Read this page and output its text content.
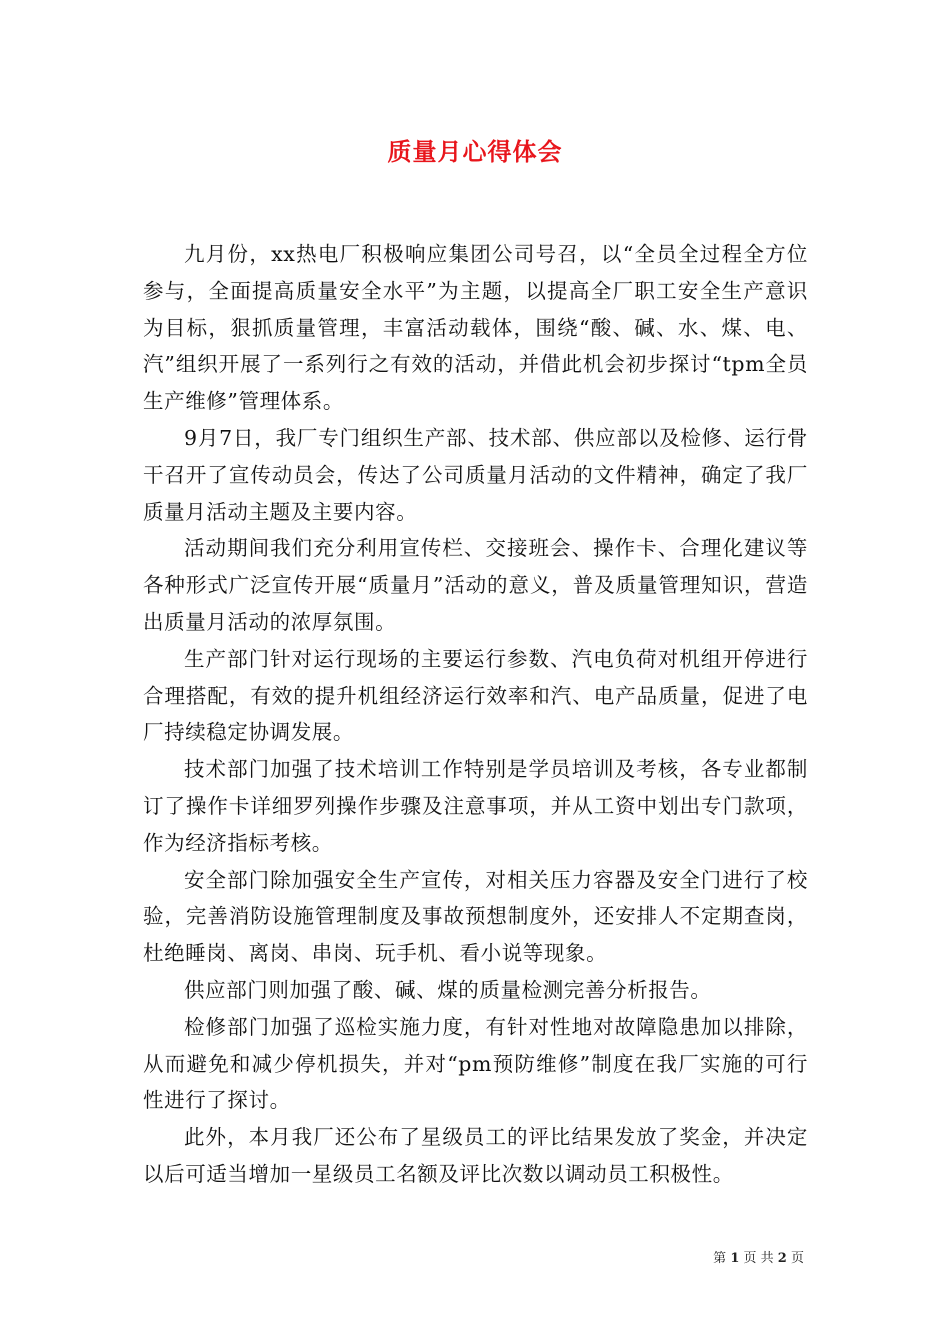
质量月心得体会

九月份，xx热电厂积极响应集团公司号召，以“全员全过程全方位参与，全面提高质量安全水平”为主题，以提高全厂职工安全生产意识为目标，狠抓质量管理，丰富活动载体，围绕“酸、碱、水、煤、电、汽”组织开展了一系列行之有效的活动，并借此机会初步探讨“tpm全员生产维修”管理体系。

9月7日，我厂专门组织生产部、技术部、供应部以及检修、运行骨干召开了宣传动员会，传达了公司质量月活动的文件精神，确定了我厂质量月活动主题及主要内容。

活动期间我们充分利用宣传栏、交接班会、操作卡、合理化建议等各种形式广泛宣传开展“质量月”活动的意义，普及质量管理知识，营造出质量月活动的浓厚氛围。

生产部门针对运行现场的主要运行参数、汽电负荷对机组开停进行合理搭配，有效的提升机组经济运行效率和汽、电产品质量，促进了电厂持续稳定协调发展。

技术部门加强了技术培训工作特别是学员培训及考核，各专业都制订了操作卡详细罗列操作步骤及注意事项，并从工资中划出专门款项，作为经济指标考核。

安全部门除加强安全生产宣传，对相关压力容器及安全门进行了校验，完善消防设施管理制度及事故预想制度外，还安排人不定期查岗，杜绝睡岗、离岗、串岗、玩手机、看小说等现象。

供应部门则加强了酸、碱、煤的质量检测完善分析报告。

检修部门加强了巡检实施力度，有针对性地对故障隐患加以排除，从而避免和减少停机损失，并对“pm预防维修”制度在我厂实施的可行性进行了探讨。

此外，本月我厂还公布了星级员工的评比结果发放了奖金，并决定以后可适当增加一星级员工名额及评比次数以调动员工积极性。

第 1 页 共 2 页
